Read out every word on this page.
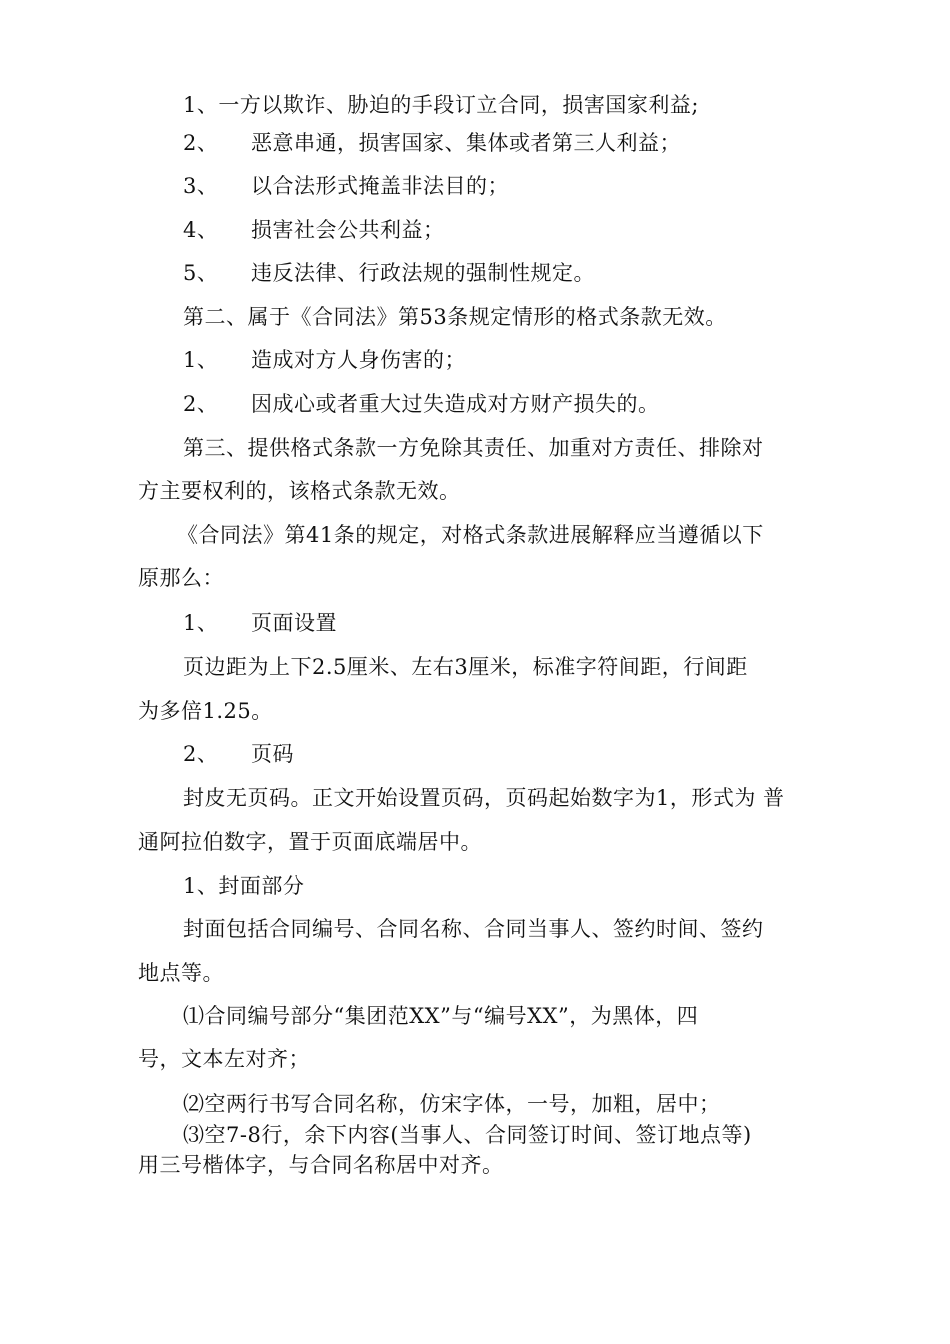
1、一方以欺诈、胁迫的手段订立合同，损害国家利益;
2、 恶意串通，损害国家、集体或者第三人利益；
3、 以合法形式掩盖非法目的；
4、 损害社会公共利益；
5、 违反法律、行政法规的强制性规定。
第二、属于《合同法》第53条规定情形的格式条款无效。
1、 造成对方人身伤害的；
2、 因成心或者重大过失造成对方财产损失的。
第三、提供格式条款一方免除其责任、加重对方责任、排除对
方主要权利的，该格式条款无效。
《合同法》第41条的规定，对格式条款进展解释应当遵循以下
原那么：
1、 页面设置
页边距为上下2.5厘米、左右3厘米，标准字符间距，行间距
为多倍1.25。
2、 页码
封皮无页码。正文开始设置页码，页码起始数字为1，形式为 普
通阿拉伯数字，置于页面底端居中。
1、封面部分
封面包括合同编号、合同名称、合同当事人、签约时间、签约
地点等。
⑴合同编号部分“集团范XX”与“编号XX”，为黑体，四
号，文本左对齐；
⑵空两行书写合同名称，仿宋字体，一号，加粗，居中；
⑶空7-8行，余下内容(当事人、合同签订时间、签订地点等)
用三号楷体字，与合同名称居中对齐。
